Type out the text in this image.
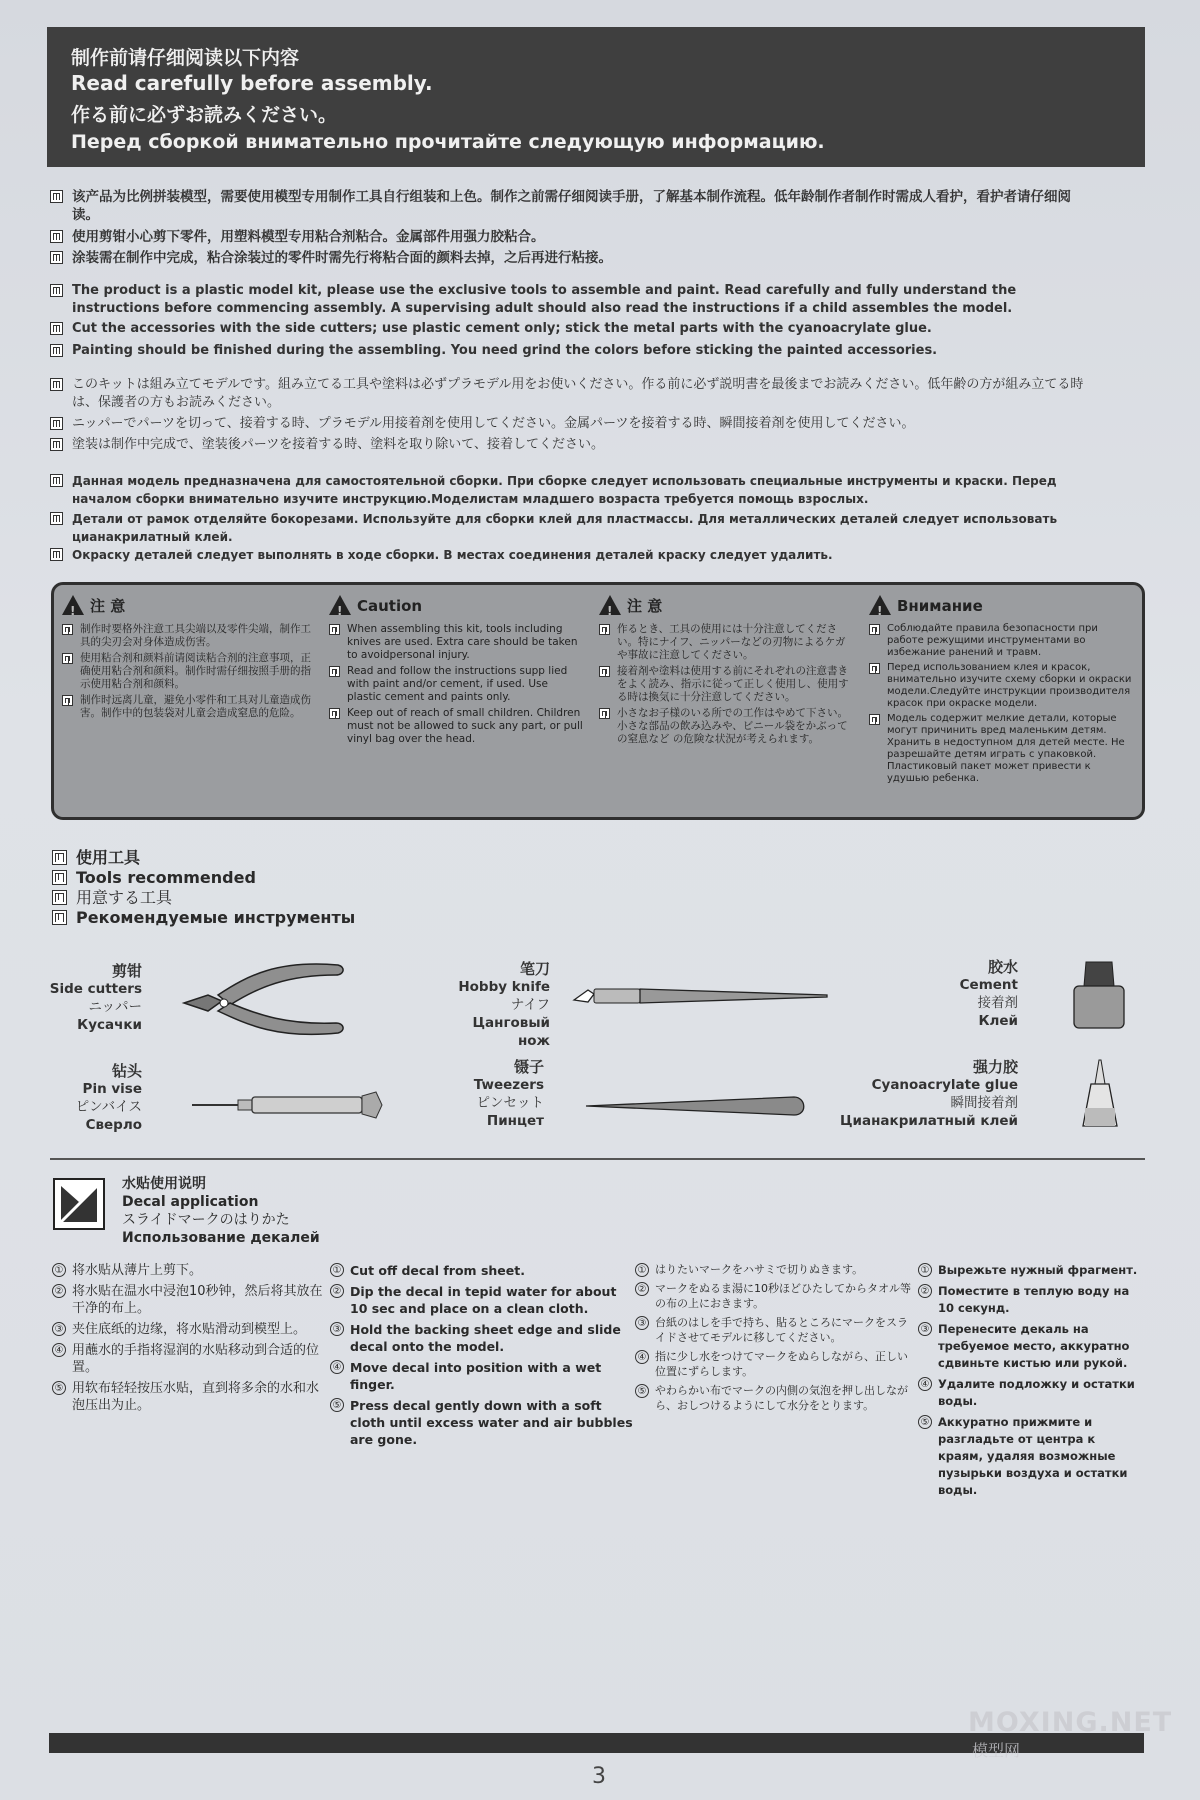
制作前请仔细阅读以下内容
Read carefully before assembly.
作る前に必ずお読みください。
Перед сборкой внимательно прочитайте следующую информацию.
该产品为比例拼装模型，需要使用模型专用制作工具自行组装和上色。制作之前需仔细阅读手册，了解基本制作流程。低年龄制作者制作时需成人看护，看护者请仔细阅读。
使用剪钳小心剪下零件，用塑料模型专用粘合剂粘合。金属部件用强力胶粘合。
涂装需在制作中完成，粘合涂装过的零件时需先行将粘合面的颜料去掉，之后再进行粘接。
The product is a plastic model kit, please use the exclusive tools to assemble and paint. Read carefully and fully understand the instructions before commencing assembly. A supervising adult should also read the instructions if a child assembles the model.
Cut the accessories with the side cutters; use plastic cement only; stick the metal parts with the cyanoacrylate glue.
Painting should be finished during the assembling. You need grind the colors before sticking the painted accessories.
このキットは組み立てモデルです。組み立てる工具や塗料は必ずプラモデル用をお使いください。作る前に必ず説明書を最後までお読みください。低年齢の方が組み立てる時は、保護者の方もお読みください。
ニッパーでパーツを切って、接着する時、プラモデル用接着剤を使用してください。金属パーツを接着する時、瞬間接着剤を使用してください。
塗装は制作中完成で、塗装後パーツを接着する時、塗料を取り除いて、接着してください。
Данная модель предназначена для самостоятельной сборки. При сборке следует использовать специальные инструменты и краски. Перед началом сборки внимательно изучите инструкцию.Моделистам младшего возраста требуется помощь взрослых.
Детали от рамок отделяйте бокорезами. Используйте для сборки клей для пластмассы. Для металлических деталей следует использовать цианакрилатный клей.
Окраску деталей следует выполнять в ходе сборки. В местах соединения деталей краску следует удалить.
!
注 意
制作时要格外注意工具尖端以及零件尖端，制作工具的尖刃会对身体造成伤害。
使用粘合剂和颜料前请阅读粘合剂的注意事项，正确使用粘合剂和颜料。制作时需仔细按照手册的指示使用粘合剂和颜料。
制作时远离儿童，避免小零件和工具对儿童造成伤害。制作中的包装袋对儿童会造成窒息的危险。
!
Caution
When assembling this kit, tools including knives are used. Extra care should be taken to avoidpersonal injury.
Read and follow the instructions supp lied with paint and/or cement, if used. Use plastic cement and paints only.
Keep out of reach of small children. Children must not be allowed to suck any part, or pull vinyl bag over the head.
!
注 意
作るとき、工具の使用には十分注意してください。特にナイフ、ニッパーなどの刃物によるケガや事故に注意してください。
接着剤や塗料は使用する前にそれぞれの注意書きをよく読み、指示に従って正しく使用し、使用する時は換気に十分注意してください。
小さなお子様のいる所での工作はやめて下さい。小さな部品の飲み込みや、ビニール袋をかぶっての窒息など の危険な状況が考えられます。
!
Внимание
Соблюдайте правила безопасности при работе режущими инструментами во избежание ранений и травм.
Перед использованием клея и красок, внимательно изучите схему сборки и окраски модели.Следуйте инструкции производителя красок при окраске модели.
Модель содержит мелкие детали, которые могут причинить вред маленьким детям. Хранить в недоступном для детей месте. Не разрешайте детям играть с упаковкой. Пластиковый пакет может привести к удушью ребенка.
使用工具
Tools recommended
用意する工具
Рекомендуемые инструменты
剪钳
Side cutters
ニッパー
Кусачки
钻头
Pin vise
ピンバイス
Сверло
笔刀
Hobby knife
ナイフ
Цанговый нож
镊子
Tweezers
ピンセット
Пинцет
胶水
Cement
接着剤
Клей
强力胶
Cyanoacrylate glue
瞬間接着剤
Цианакрилатный клей
水贴使用说明
Decal application
スライドマークのはりかた
Использование декалей
① 将水贴从薄片上剪下。
② 将水贴在温水中浸泡10秒钟，然后将其放在干净的布上。
③ 夹住底纸的边缘，将水贴滑动到模型上。
④ 用蘸水的手指将湿润的水贴移动到合适的位置。
⑤ 用软布轻轻按压水贴，直到将多余的水和水泡压出为止。
① Cut off decal from sheet.
② Dip the decal in tepid water for about 10 sec and place on a clean cloth.
③ Hold the backing sheet edge and slide decal onto the model.
④ Move decal into position with a wet finger.
⑤ Press decal gently down with a soft cloth until excess water and air bubbles are gone.
① はりたいマークをハサミで切りぬきます。
② マークをぬるま湯に10秒ほどひたしてからタオル等の布の上におきます。
③ 台紙のはしを手で持ち、貼るところにマークをスライドさせてモデルに移してください。
④ 指に少し水をつけてマークをぬらしながら、正しい位置にずらします。
⑤ やわらかい布でマークの内側の気泡を押し出しながら、おしつけるようにして水分をとります。
① Вырежьте нужный фрагмент.
② Поместите в теплую воду на 10 секунд.
③ Перенесите декаль на требуемое место, аккуратно сдвиньте кистью или рукой.
④ Удалите подложку и остатки воды.
⑤ Аккуратно прижмите и разгладьте от центра к краям, удаляя возможные пузырьки воздуха и остатки воды.
MOXING.NET
模型网
3
